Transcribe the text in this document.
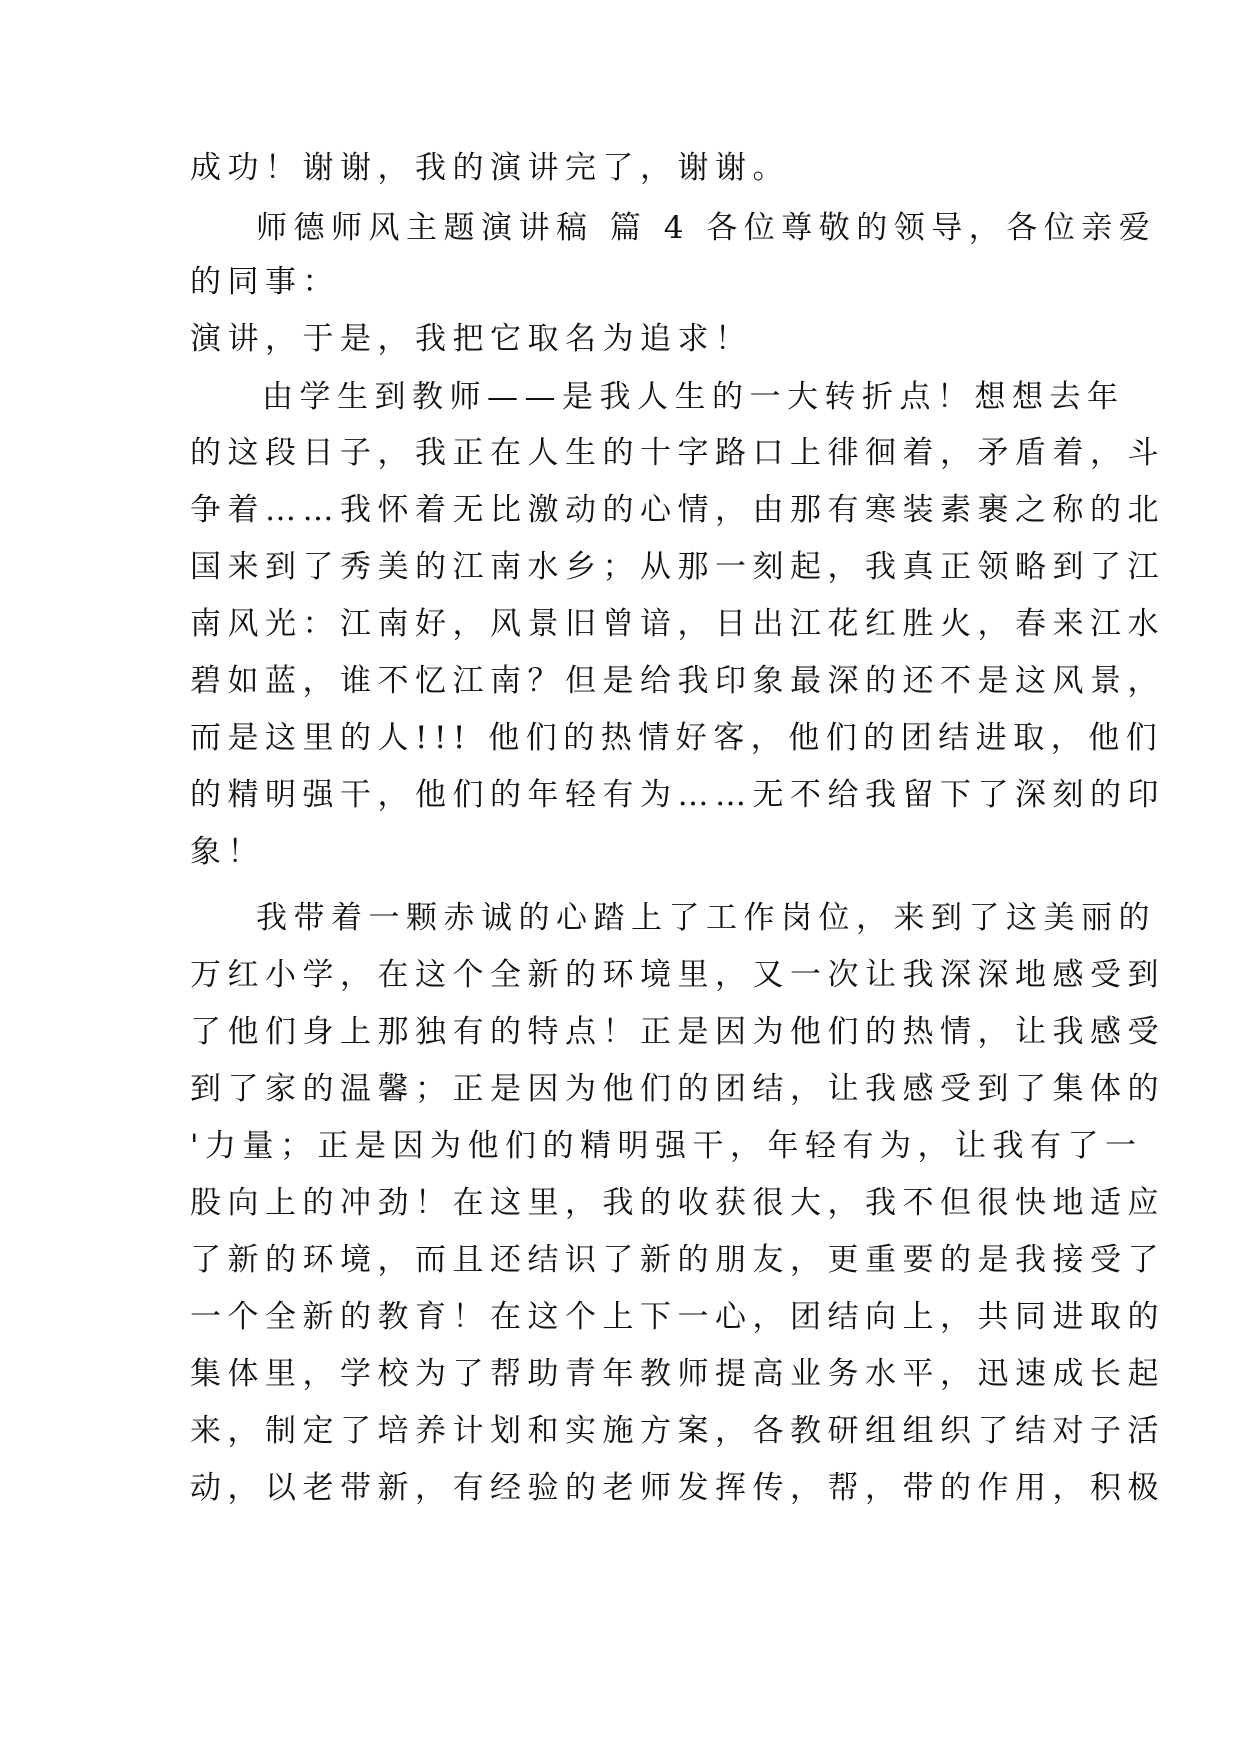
成功！谢谢，我的演讲完了，谢谢。
师德师风主题演讲稿 篇 4 各位尊敬的领导，各位亲爱
的同事：
演讲，于是，我把它取名为追求！
由学生到教师——是我人生的一大转折点！想想去年
的这段日子，我正在人生的十字路口上徘徊着，矛盾着，斗
争着……我怀着无比激动的心情，由那有寒装素裹之称的北
国来到了秀美的江南水乡；从那一刻起，我真正领略到了江
南风光：江南好，风景旧曾谙，日出江花红胜火，春来江水
碧如蓝，谁不忆江南？但是给我印象最深的还不是这风景，
而是这里的人!!! 他们的热情好客，他们的团结进取，他们
的精明强干，他们的年轻有为……无不给我留下了深刻的印
象！
我带着一颗赤诚的心踏上了工作岗位，来到了这美丽的
万红小学，在这个全新的环境里，又一次让我深深地感受到
了他们身上那独有的特点！正是因为他们的热情，让我感受
到了家的温馨；正是因为他们的团结，让我感受到了集体的
'力量；正是因为他们的精明强干，年轻有为，让我有了一
股向上的冲劲！在这里，我的收获很大，我不但很快地适应
了新的环境，而且还结识了新的朋友，更重要的是我接受了
一个全新的教育！在这个上下一心，团结向上，共同进取的
集体里，学校为了帮助青年教师提高业务水平，迅速成长起
来，制定了培养计划和实施方案，各教研组组织了结对子活
动，以老带新，有经验的老师发挥传，帮，带的作用，积极
